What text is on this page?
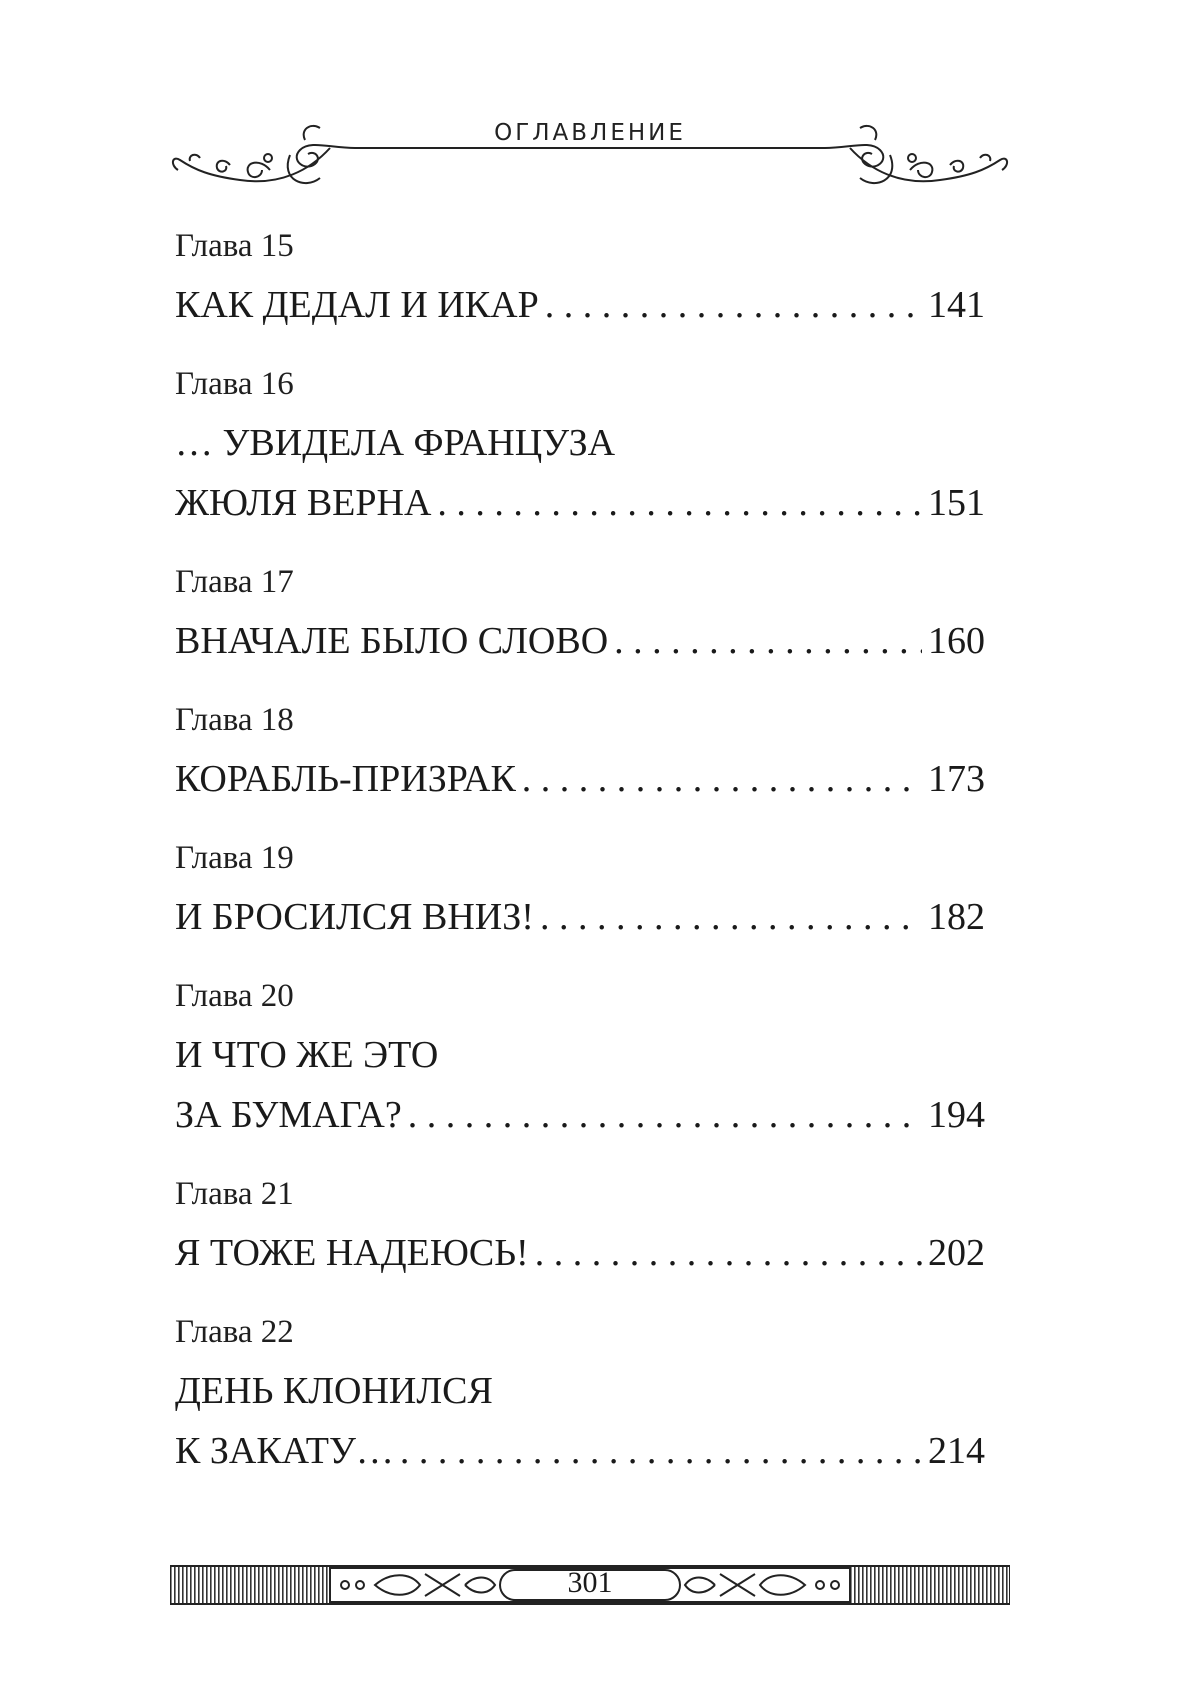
ОГЛАВЛЕНИЕ
Глава 15
КАК ДЕДАЛ И ИКАР . . .	141
Глава 16
… УВИДЕЛА ФРАНЦУЗА
ЖЮЛЯ ВЕРНА . . .	151
Глава 17
ВНАЧАЛЕ БЫЛО СЛОВО . . .	160
Глава 18
КОРАБЛЬ-ПРИЗРАК . . .	173
Глава 19
И БРОСИЛСЯ ВНИЗ! . . .	182
Глава 20
И ЧТО ЖЕ ЭТО
ЗА БУМАГА? . . .	194
Глава 21
Я ТОЖЕ НАДЕЮСЬ! . . .	202
Глава 22
ДЕНЬ КЛОНИЛСЯ
К ЗАКАТУ… . . .	214
301
